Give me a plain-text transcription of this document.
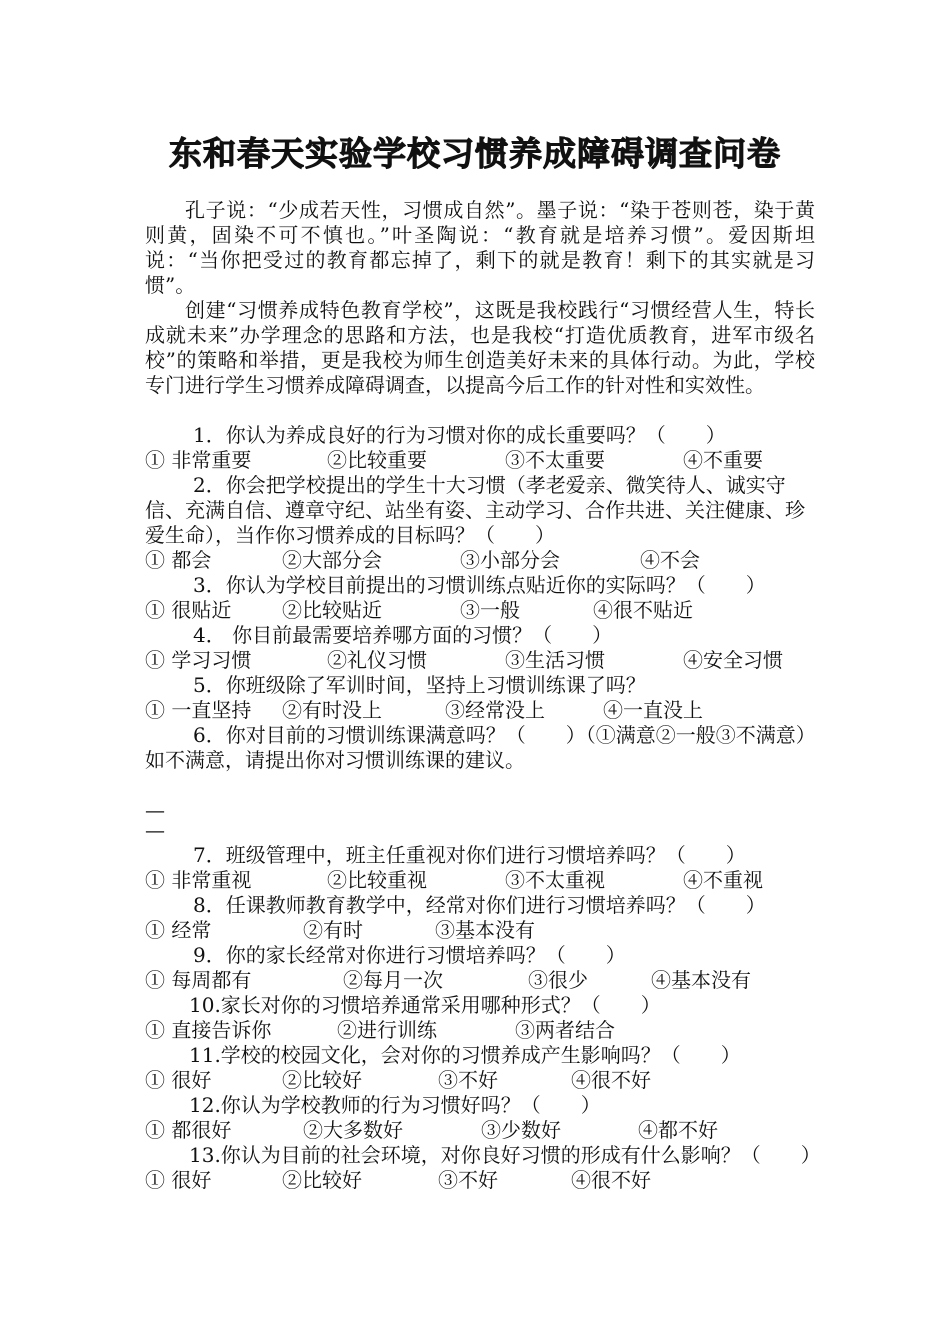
东和春天实验学校习惯养成障碍调查问卷

孔子说：“少成若天性，习惯成自然”。墨子说：“染于苍则苍，染于黄则黄，固染不可不慎也。”叶圣陶说：“教育就是培养习惯”。爱因斯坦说：“当你把受过的教育都忘掉了，剩下的就是教育！剩下的其实就是习惯”。

创建“习惯养成特色教育学校”，这既是我校践行“习惯经营人生，特长成就未来”办学理念的思路和方法，也是我校“打造优质教育，进军市级名校”的策略和举措，更是我校为师生创造美好未来的具体行动。为此，学校专门进行学生习惯养成障碍调查，以提高今后工作的针对性和实效性。

1．你认为养成良好的行为习惯对你的成长重要吗？（　　）

① 非常重要	②比较重要	③不太重要	④不重要

2．你会把学校提出的学生十大习惯（孝老爱亲、微笑待人、诚实守信、充满自信、遵章守纪、站坐有姿、主动学习、合作共进、关注健康、珍爱生命），当作你习惯养成的目标吗？（　　）

① 都会	②大部分会	③小部分会	④不会

3．你认为学校目前提出的习惯训练点贴近你的实际吗？（　　）

① 很贴近	②比较贴近	③一般	④很不贴近

4． 你目前最需要培养哪方面的习惯？（　　）

① 学习习惯	②礼仪习惯	③生活习惯	④安全习惯

5．你班级除了军训时间，坚持上习惯训练课了吗？

① 一直坚持	②有时没上	③经常没上	④一直没上

6．你对目前的习惯训练课满意吗？（　　）（①满意②一般③不满意）如不满意，请提出你对习惯训练课的建议。

—

—

7．班级管理中，班主任重视对你们进行习惯培养吗？（　　）

① 非常重视	②比较重视	③不太重视	④不重视

8．任课教师教育教学中，经常对你们进行习惯培养吗？（　　）

① 经常	②有时	③基本没有

9．你的家长经常对你进行习惯培养吗？（　　）

① 每周都有	②每月一次	③很少	④基本没有

10.家长对你的习惯培养通常采用哪种形式？（　　）

① 直接告诉你	②进行训练	③两者结合

11.学校的校园文化，会对你的习惯养成产生影响吗？（　　）

① 很好	②比较好	③不好	④很不好

12.你认为学校教师的行为习惯好吗？（　　）

① 都很好	②大多数好	③少数好	④都不好

13.你认为目前的社会环境，对你良好习惯的形成有什么影响？（　　）

① 很好	②比较好	③不好	④很不好
